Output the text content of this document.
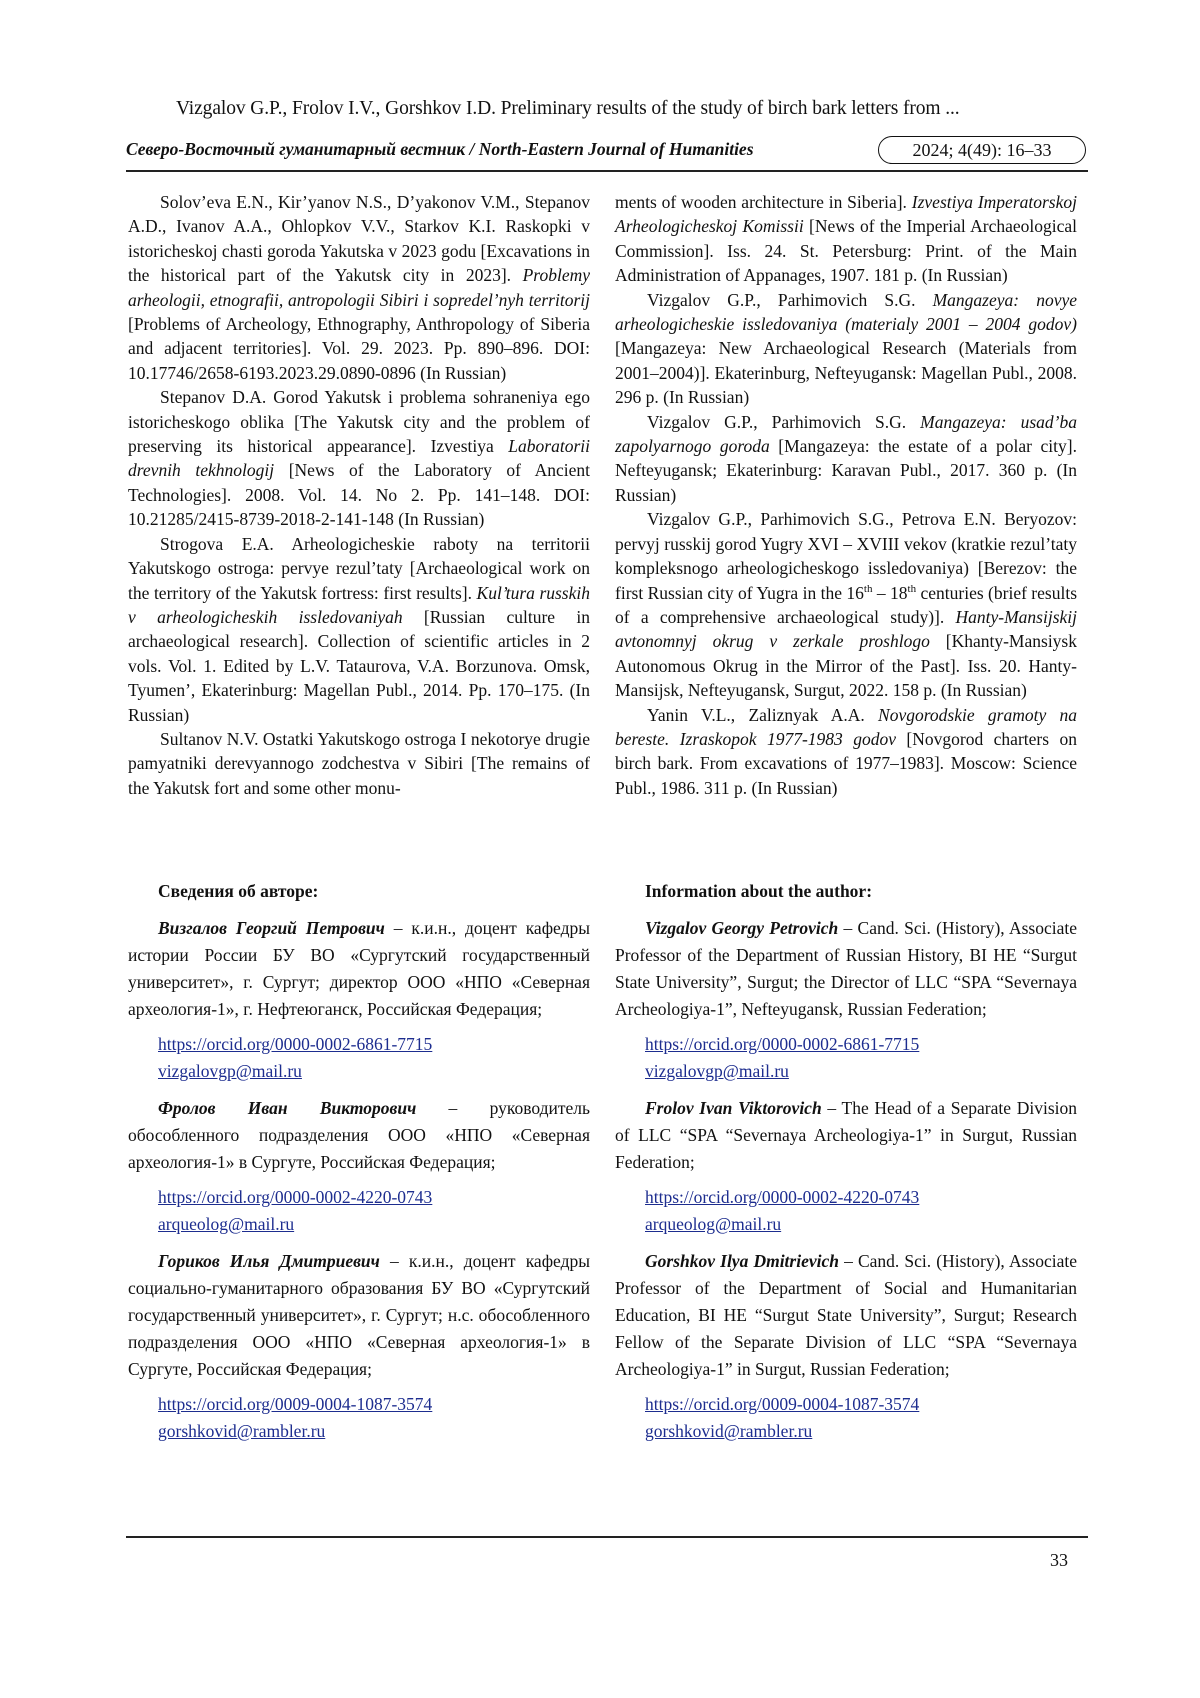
Vizgalov G.P., Frolov I.V., Gorshkov I.D. Preliminary results of the study of birch bark letters from ...
Северо-Восточный гуманитарный вестник / North-Eastern Journal of Humanities	2024; 4(49): 16–33

Solov’eva E.N., Kir’yanov N.S., D’yakonov V.M., Stepanov A.D., Ivanov A.A., Ohlopkov V.V., Starkov K.I. Raskopki v istoricheskoj chasti goroda Yakutska v 2023 godu [Excavations in the historical part of the Yakutsk city in 2023]. Problemy arheologii, etnografii, antropologii Sibiri i sopredel’nyh territorij [Problems of Archeology, Ethnography, Anthropology of Siberia and adjacent territories]. Vol. 29. 2023. Pp. 890–896. DOI: 10.17746/2658-6193.2023.29.0890-0896 (In Russian)

Stepanov D.A. Gorod Yakutsk i problema sohraneniya ego istoricheskogo oblika [The Yakutsk city and the problem of preserving its historical appearance]. Izvestiya Laboratorii drevnih tekhnologij [News of the Laboratory of Ancient Technologies]. 2008. Vol. 14. No 2. Pp. 141–148. DOI: 10.21285/2415-8739-2018-2-141-148 (In Russian)

Strogova E.A. Arheologicheskie raboty na territorii Yakutskogo ostroga: pervye rezul’taty [Archaeological work on the territory of the Yakutsk fortress: first results]. Kul’tura russkih v arheologicheskih issledovaniyah [Russian culture in archaeological research]. Collection of scientific articles in 2 vols. Vol. 1. Edited by L.V. Tataurova, V.A. Borzunova. Omsk, Tyumen’, Ekaterinburg: Magellan Publ., 2014. Pp. 170–175. (In Russian)

Sultanov N.V. Ostatki Yakutskogo ostroga I nekotorye drugie pamyatniki derevyannogo zodchestva v Sibiri [The remains of the Yakutsk fort and some other monu-

ments of wooden architecture in Siberia]. Izvestiya Imperatorskoj Arheologicheskoj Komissii [News of the Imperial Archaeological Commission]. Iss. 24. St. Petersburg: Print. of the Main Administration of Appanages, 1907. 181 p. (In Russian)

Vizgalov G.P., Parhimovich S.G. Mangazeya: novye arheologicheskie issledovaniya (materialy 2001 – 2004 godov) [Mangazeya: New Archaeological Research (Materials from 2001–2004)]. Ekaterinburg, Nefteyugansk: Magellan Publ., 2008. 296 p. (In Russian)

Vizgalov G.P., Parhimovich S.G. Mangazeya: usad’ba zapolyarnogo goroda [Mangazeya: the estate of a polar city]. Nefteyugansk; Ekaterinburg: Karavan Publ., 2017. 360 p. (In Russian)

Vizgalov G.P., Parhimovich S.G., Petrova E.N. Beryozov: pervyj russkij gorod Yugry XVI – XVIII vekov (kratkie rezul’taty kompleksnogo arheologicheskogo issledovaniya) [Berezov: the first Russian city of Yugra in the 16th – 18th centuries (brief results of a comprehensive archaeological study)]. Hanty-Mansijskij avtonomnyj okrug v zerkale proshlogo [Khanty-Mansiysk Autonomous Okrug in the Mirror of the Past]. Iss. 20. Hanty-Mansijsk, Nefteyugansk, Surgut, 2022. 158 p. (In Russian)

Yanin V.L., Zaliznyak A.A. Novgorodskie gramoty na bereste. Izraskopok 1977-1983 godov [Novgorod charters on birch bark. From excavations of 1977–1983]. Moscow: Science Publ., 1986. 311 p. (In Russian)

Сведения об авторе:

Визгалов Георгий Петрович – к.и.н., доцент кафедры истории России БУ ВО «Сургутский государственный университет», г. Сургут; директор ООО «НПО «Северная археология-1», г. Нефтеюганск, Российская Федерация;

https://orcid.org/0000-0002-6861-7715
vizgalovgp@mail.ru

Фролов Иван Викторович – руководитель обособленного подразделения ООО «НПО «Северная археология-1» в Сургуте, Российская Федерация;

https://orcid.org/0000-0002-4220-0743
arqueolog@mail.ru

Гориков Илья Дмитриевич – к.и.н., доцент кафедры социально-гуманитарного образования БУ ВО «Сургутский государственный университет», г. Сургут; н.с. обособленного подразделения ООО «НПО «Северная археология-1» в Сургуте, Российская Федерация;

https://orcid.org/0009-0004-1087-3574
gorshkovid@rambler.ru

Information about the author:

Vizgalov Georgy Petrovich – Cand. Sci. (History), Associate Professor of the Department of Russian History, BI HE “Surgut State University”, Surgut; the Director of LLC “SPA “Severnaya Archeologiya-1”, Nefteyugansk, Russian Federation;

https://orcid.org/0000-0002-6861-7715
vizgalovgp@mail.ru

Frolov Ivan Viktorovich – The Head of a Separate Division of LLC “SPA “Severnaya Archeologiya-1” in Surgut, Russian Federation;

https://orcid.org/0000-0002-4220-0743
arqueolog@mail.ru

Gorshkov Ilya Dmitrievich – Cand. Sci. (History), Associate Professor of the Department of Social and Humanitarian Education, BI HE “Surgut State University”, Surgut; Research Fellow of the Separate Division of LLC “SPA “Severnaya Archeologiya-1” in Surgut, Russian Federation;

https://orcid.org/0009-0004-1087-3574
gorshkovid@rambler.ru
33
